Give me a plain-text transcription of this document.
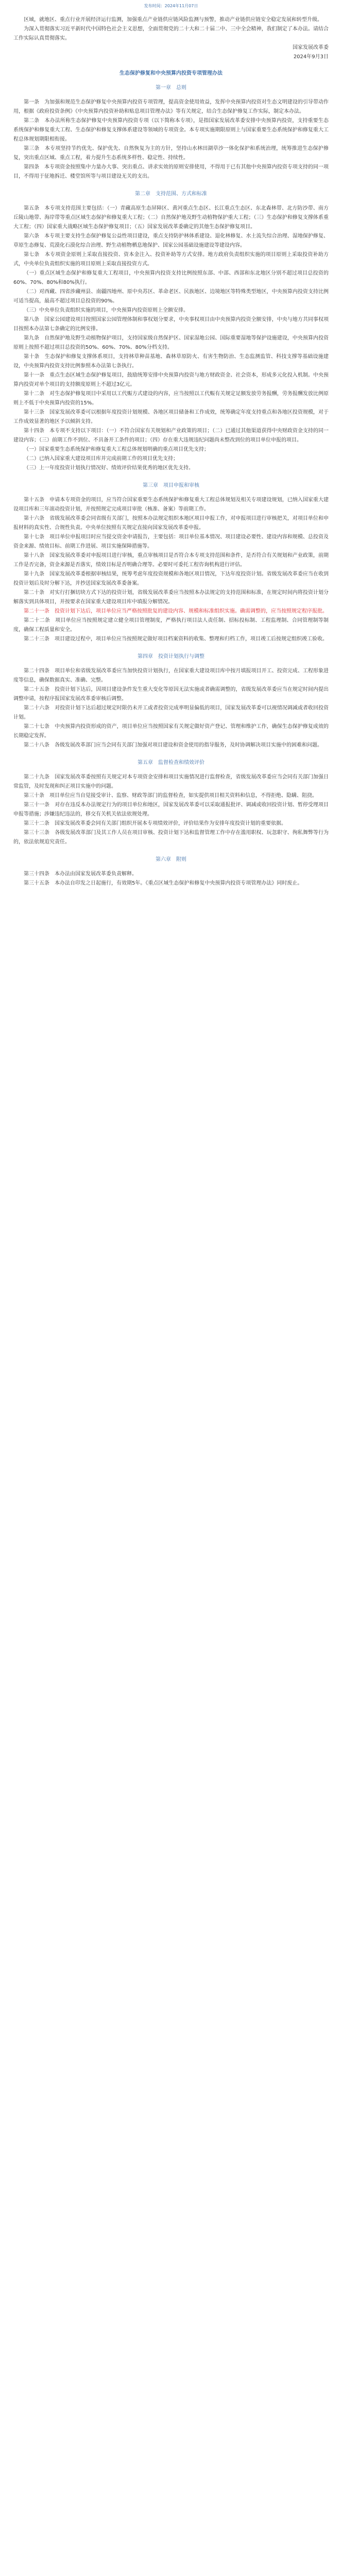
发布时间：2024年11月07日

区域，就地区、重点行业开展经济运行监测，加强重点产业链供应链风险监测与预警，推动产业链供应链安全稳定发展和转型升级。

为深入贯彻落实习近平新时代中国特色社会主义思想，全面贯彻党的二十大和二十届二中、三中全会精神，我们制定了本办法。请结合工作实际认真贯彻落实。

国家发展改革委

2024年9月3日

生态保护修复和中央预算内投资专项管理办法
第一章　总则

第一条　为加强和规范生态保护修复中央预算内投资专项管理，提高资金使用效益，发挥中央预算内投资对生态文明建设的引导带动作用，根据《政府投资条例》《中央预算内投资补助和贴息项目管理办法》等有关规定，结合生态保护修复工作实际，制定本办法。

第二条　本办法所称生态保护修复中央预算内投资专项（以下简称本专项），是指国家发展改革委安排中央预算内投资，支持重要生态系统保护和修复重大工程、生态保护和修复支撑体系建设等领域的专项资金。本专项实施期限原则上与国家重要生态系统保护和修复重大工程总体规划期限相衔接。

第三条　本专项坚持节约优先、保护优先、自然恢复为主的方针，坚持山水林田湖草沙一体化保护和系统治理，统筹推进生态保护修复，突出重点区域、重点工程，着力提升生态系统多样性、稳定性、持续性。

第四条　本专项资金按照集中力量办大事、突出重点、讲求实效的原则安排使用，不得用于已有其他中央预算内投资专项支持的同一项目，不得用于征地拆迁、楼堂馆所等与项目建设无关的支出。

第二章　支持范围、方式和标准

第五条　本专项支持范围主要包括：（一）青藏高原生态屏障区、黄河重点生态区、长江重点生态区、东北森林带、北方防沙带、南方丘陵山地带、海岸带等重点区域生态保护和修复重大工程；（二）自然保护地及野生动植物保护重大工程；（三）生态保护和修复支撑体系重大工程；（四）国家重大战略区域生态保护修复项目；（五）国家发展改革委确定的其他生态保护修复项目。

第六条　本专项主要支持生态保护修复公益性项目建设，重点支持防护林体系建设、退化林修复、水土流失综合治理、湿地保护修复、草原生态修复、荒漠化石漠化综合治理、野生动植物栖息地保护、国家公园基础设施建设等建设内容。

第七条　本专项资金原则上采取直接投资、资本金注入、投资补助等方式安排。地方政府负责组织实施的项目原则上采取投资补助方式，中央单位负责组织实施的项目原则上采取直接投资方式。

（一）重点区域生态保护和修复重大工程项目，中央预算内投资支持比例按照东部、中部、西部和东北地区分别不超过项目总投资的60%、70%、80%和80%执行。

（二）对西藏、四省涉藏州县、南疆四地州、原中央苏区、革命老区、民族地区、边境地区等特殊类型地区，中央预算内投资支持比例可适当提高，最高不超过项目总投资的90%。

（三）中央单位负责组织实施的项目，中央预算内投资原则上全额安排。

第八条　国家公园建设项目按照国家公园管理体制和事权划分要求，中央事权项目由中央预算内投资全额安排，中央与地方共同事权项目按照本办法第七条确定的比例安排。

第九条　自然保护地及野生动植物保护项目，支持国家级自然保护区、国家湿地公园、国际重要湿地等保护设施建设，中央预算内投资原则上按照不超过项目总投资的50%、60%、70%、80%分档支持。

第十条　生态保护和修复支撑体系项目，支持林草种苗基地、森林草原防火、有害生物防治、生态监测监管、科技支撑等基础设施建设，中央预算内投资支持比例参照本办法第七条执行。

第十一条　重点生态区域生态保护修复项目，鼓励统筹安排中央预算内投资与地方财政资金、社会资本，形成多元化投入机制。中央预算内投资对单个项目的支持额度原则上不超过3亿元。

第十二条　对生态保护修复项目中采用以工代赈方式建设的内容，应当按照以工代赈有关规定足额发放劳务报酬，劳务报酬发放比例原则上不低于中央预算内投资的15%。

第十三条　国家发展改革委可以根据年度投资计划规模、各地区项目储备和工作成效，统筹确定年度支持重点和各地区投资规模，对于工作成效显著的地区予以倾斜支持。

第十四条　本专项不支持以下项目：（一）不符合国家有关规划和产业政策的项目；（二）已通过其他渠道获得中央财政资金支持的同一建设内容；（三）前期工作不到位、不具备开工条件的项目；（四）存在重大违规违纪问题尚未整改到位的项目单位申报的项目。

（一）国家重要生态系统保护和修复重大工程总体规划明确的重点项目优先支持；

（二）已纳入国家重大建设项目库并完成前期工作的项目优先支持；

（三）上一年度投资计划执行情况好、绩效评价结果优秀的地区优先支持。

第三章　项目申报和审核

第十五条　申请本专项资金的项目，应当符合国家重要生态系统保护和修复重大工程总体规划及相关专项建设规划，已纳入国家重大建设项目库和三年滚动投资计划，并按照规定完成项目审批（核准、备案）等前期工作。

第十六条　省级发展改革委会同省级有关部门，按照本办法规定组织本地区项目申报工作，对申报项目进行审核把关，对项目单位和申报材料的真实性、合规性负责。中央单位按照有关规定直接向国家发展改革委申报。

第十七条　项目单位申报项目时应当提交资金申请报告，主要包括：项目单位基本情况、项目建设必要性、建设内容和规模、总投资及资金来源、绩效目标、前期工作进展、项目实施保障措施等。

第十八条　国家发展改革委对申报项目进行审核，重点审核项目是否符合本专项支持范围和条件，是否符合有关规划和产业政策，前期工作是否完备，资金来源是否落实，绩效目标是否明确合理等。必要时可委托工程咨询机构进行评估。

第十九条　国家发展改革委根据审核结果，统筹考虑年度投资规模和各地区项目情况，下达年度投资计划。省级发展改革委应当在收到投资计划后及时分解下达，并抄送国家发展改革委备案。

第二十条　对实行打捆切块方式下达的投资计划，省级发展改革委应当按照本办法规定的支持范围和标准，在规定时间内将投资计划分解落实到具体项目，并按要求在国家重大建设项目库中填报分解情况。

第二十一条　投资计划下达后，项目单位应当严格按照批复的建设内容、规模和标准组织实施。确需调整的，应当按照规定程序报批。

第二十二条　项目单位应当按照规定建立健全项目管理制度，严格执行项目法人责任制、招标投标制、工程监理制、合同管理制等制度，确保工程质量和安全。

第二十三条　项目建设过程中，项目单位应当按照规定做好项目档案资料的收集、整理和归档工作，项目竣工后按规定组织竣工验收。

第四章　投资计划执行与调整

第二十四条　项目单位和省级发展改革委应当加快投资计划执行，在国家重大建设项目库中按月填报项目开工、投资完成、工程形象进度等信息，确保数据真实、准确、完整。

第二十五条　投资计划下达后，因项目建设条件发生重大变化等原因无法实施或者确需调整的，省级发展改革委应当在规定时间内提出调整申请，按程序报国家发展改革委审核后调整。

第二十六条　对投资计划下达后超过规定时限仍未开工或者投资完成率明显偏低的项目，国家发展改革委可以视情况调减或者收回投资计划。

第二十七条　中央预算内投资形成的资产，项目单位应当按照国家有关规定做好资产登记、管理和维护工作，确保生态保护修复成效的长期稳定发挥。

第二十八条　各级发展改革部门应当会同有关部门加强对项目建设和资金使用的指导服务，及时协调解决项目实施中的困难和问题。

第五章　监督检查和绩效评价

第二十九条　国家发展改革委按照有关规定对本专项资金安排和项目实施情况进行监督检查，省级发展改革委应当会同有关部门加强日常监管，及时发现和纠正项目实施中的问题。

第三十条　项目单位应当自觉接受审计、监察、财政等部门的监督检查，如实提供项目相关资料和信息，不得拒绝、隐瞒、阻挠。

第三十一条　对存在违反本办法规定行为的项目单位和地区，国家发展改革委可以采取通报批评、调减或收回投资计划、暂停受理项目申报等措施；涉嫌违纪违法的，移交有关机关依法依规处理。

第三十二条　国家发展改革委会同有关部门组织开展本专项绩效评价，评价结果作为安排年度投资计划的重要依据。

第三十三条　各级发展改革部门及其工作人员在项目审核、投资计划下达和监督管理工作中存在滥用职权、玩忽职守、徇私舞弊等行为的，依法依规追究责任。

第六章　附则

第三十四条　本办法由国家发展改革委负责解释。

第三十五条　本办法自印发之日起施行，有效期5年。《重点区域生态保护和修复中央预算内投资专项管理办法》同时废止。
